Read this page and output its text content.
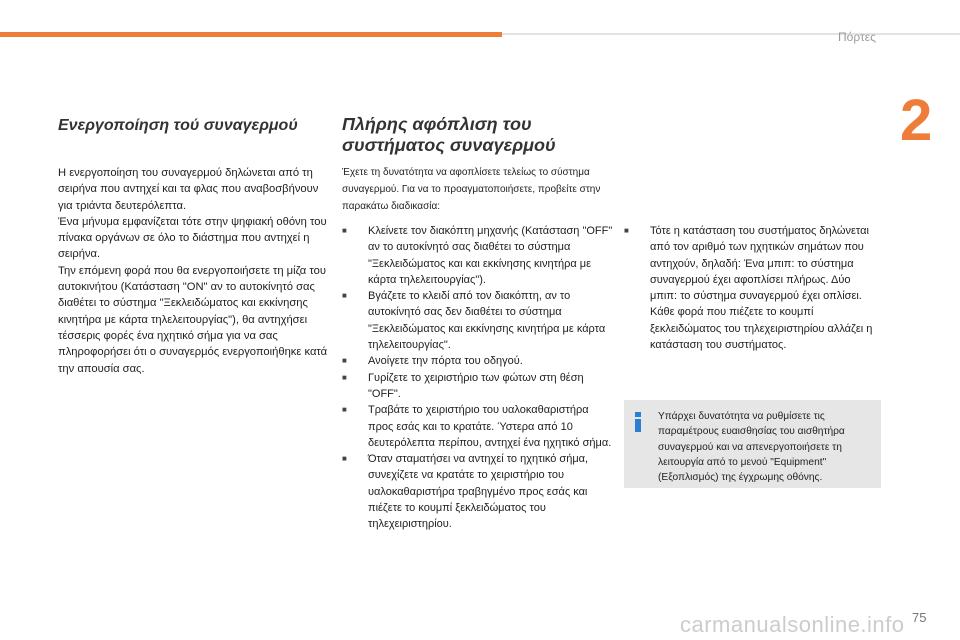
Πόρτες
2
Ενεργοποίηση τού συναγερμού

Η ενεργοποίηση του συναγερμού δηλώνεται από τη σειρήνα που αντηχεί και τα φλας που αναβοσβήνουν για τριάντα δευτερόλεπτα.

Ένα μήνυμα εμφανίζεται τότε στην ψηφιακή οθόνη του πίνακα οργάνων σε όλο το διάστημα που αντηχεί η σειρήνα.

Την επόμενη φορά που θα ενεργοποιήσετε τη μίζα του αυτοκινήτου (Κατάσταση "ON" αν το αυτοκίνητό σας διαθέτει το σύστημα "Ξεκλειδώματος και εκκίνησης κινητήρα με κάρτα τηλελειτουργίας"), θα αντηχήσει τέσσερις φορές ένα ηχητικό σήμα για να σας πληροφορήσει ότι ο συναγερμός ενεργοποιήθηκε κατά την απουσία σας.

Πλήρης αφόπλιση του συστήματος συναγερμού
Έχετε τη δυνατότητα να αφοπλίσετε τελείως το σύστημα συναγερμού. Για να το προαγματοποιήσετε, προβείτε στην παρακάτω διαδικασία:
■ Κλείνετε τον διακόπτη μηχανής (Κατάσταση "OFF" αν το αυτοκίνητό σας διαθέτει το σύστημα "Ξεκλειδώματος και και εκκίνησης κινητήρα με κάρτα τηλελειτουργίας").
■ Βγάζετε το κλειδί από τον διακόπτη, αν το αυτοκίνητό σας δεν διαθέτει το σύστημα "Ξεκλειδώματος και εκκίνησης κινητήρα με κάρτα τηλελειτουργίας".
■ Ανοίγετε την πόρτα του οδηγού.
■ Γυρίζετε το χειριστήριο των φώτων στη θέση "OFF".
■ Τραβάτε το χειριστήριο του υαλοκαθαριστήρα προς εσάς και το κρατάτε. Ύστερα από 10 δευτερόλεπτα περίπου, αντηχεί ένα ηχητικό σήμα.
■ Όταν σταματήσει να αντηχεί το ηχητικό σήμα, συνεχίζετε να κρατάτε το χειριστήριο του υαλοκαθαριστήρα τραβηγμένο προς εσάς και πιέζετε το κουμπί ξεκλειδώματος του τηλεχειριστηρίου.
■ Τότε η κατάσταση του συστήματος δηλώνεται από τον αριθμό των ηχητικών σημάτων που αντηχούν, δηλαδή: Ένα μπιπ: το σύστημα συναγερμού έχει αφοπλίσει πλήρως. Δύο μπιπ: το σύστημα συναγερμού έχει οπλίσει. Κάθε φορά που πιέζετε το κουμπί ξεκλειδώματος του τηλεχειριστηρίου αλλάζει η κατάσταση του συστήματος.
Υπάρχει δυνατότητα να ρυθμίσετε τις παραμέτρους ευαισθησίας του αισθητήρα συναγερμού και να απενεργοποιήσετε τη λειτουργία από το μενού "Equipment" (Εξοπλισμός) της έγχρωμης οθόνης.
carmanualsonline.info 75
